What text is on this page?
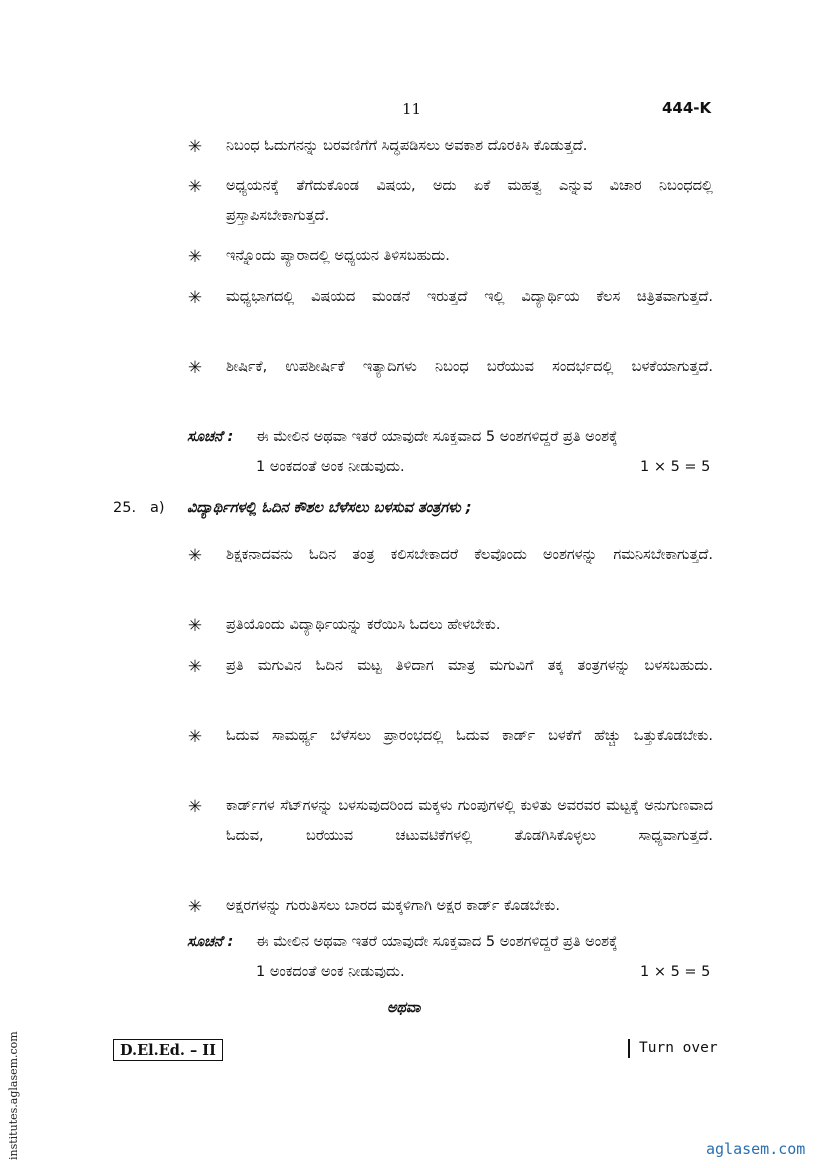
11	444-K
✳ ನಿಬಂಧ ಓದುಗನನ್ನು ಬರವಣಿಗೆಗೆ ಸಿದ್ಧಪಡಿಸಲು ಅವಕಾಶ ದೊರಕಿಸಿ ಕೊಡುತ್ತದೆ.
✳ ಅಧ್ಯಯನಕ್ಕೆ ತೆಗೆದುಕೊಂಡ ವಿಷಯ, ಅದು ಏಕೆ ಮಹತ್ವ ಎನ್ನುವ ವಿಚಾರ ನಿಬಂಧದಲ್ಲಿ ಪ್ರಸ್ತಾಪಿಸಬೇಕಾಗುತ್ತದೆ.
✳ ಇನ್ನೊಂದು ಪ್ಯಾರಾದಲ್ಲಿ ಅಧ್ಯಯನ ತಿಳಿಸಬಹುದು.
✳ ಮಧ್ಯಭಾಗದಲ್ಲಿ ವಿಷಯದ ಮಂಡನೆ ಇರುತ್ತದೆ ಇಲ್ಲಿ ವಿದ್ಯಾರ್ಥಿಯ ಕೆಲಸ ಚಿತ್ರಿತವಾಗುತ್ತದೆ.
✳ ಶೀರ್ಷಿಕೆ, ಉಪಶೀರ್ಷಿಕೆ ಇತ್ಯಾದಿಗಳು ನಿಬಂಧ ಬರೆಯುವ ಸಂದರ್ಭದಲ್ಲಿ ಬಳಕೆಯಾಗುತ್ತದೆ.
ಸೂಚನೆ : ಈ ಮೇಲಿನ ಅಥವಾ ಇತರೆ ಯಾವುದೇ ಸೂಕ್ತವಾದ 5 ಅಂಶಗಳಿದ್ದರೆ ಪ್ರತಿ ಅಂಶಕ್ಕೆ
1 ಅಂಕದಂತೆ ಅಂಕ ನೀಡುವುದು.	1 × 5 = 5
25. a) ವಿದ್ಯಾರ್ಥಿಗಳಲ್ಲಿ ಓದಿನ ಕೌಶಲ ಬೆಳೆಸಲು ಬಳಸುವ ತಂತ್ರಗಳು ;
✳ ಶಿಕ್ಷಕನಾದವನು ಓದಿನ ತಂತ್ರ ಕಲಿಸಬೇಕಾದರೆ ಕೆಲವೊಂದು ಅಂಶಗಳನ್ನು ಗಮನಿಸಬೇಕಾಗುತ್ತದೆ.
✳ ಪ್ರತಿಯೊಂದು ವಿದ್ಯಾರ್ಥಿಯನ್ನು ಕರೆಯಿಸಿ ಓದಲು ಹೇಳಬೇಕು.
✳ ಪ್ರತಿ ಮಗುವಿನ ಓದಿನ ಮಟ್ಟ ತಿಳಿದಾಗ ಮಾತ್ರ ಮಗುವಿಗೆ ತಕ್ಕ ತಂತ್ರಗಳನ್ನು ಬಳಸಬಹುದು.
✳ ಓದುವ ಸಾಮರ್ಥ್ಯ ಬೆಳೆಸಲು ಪ್ರಾರಂಭದಲ್ಲಿ ಓದುವ ಕಾರ್ಡ್ ಬಳಕೆಗೆ ಹೆಚ್ಚು ಒತ್ತುಕೊಡಬೇಕು.
✳ ಕಾರ್ಡ್‌ಗಳ ಸೆಟ್‌ಗಳನ್ನು ಬಳಸುವುದರಿಂದ ಮಕ್ಕಳು ಗುಂಪುಗಳಲ್ಲಿ ಕುಳಿತು ಅವರವರ ಮಟ್ಟಕ್ಕೆ ಅನುಗುಣವಾದ ಓದುವ, ಬರೆಯುವ ಚಟುವಟಿಕೆಗಳಲ್ಲಿ ತೊಡಗಿಸಿಕೊಳ್ಳಲು ಸಾಧ್ಯವಾಗುತ್ತದೆ.
✳ ಅಕ್ಷರಗಳನ್ನು ಗುರುತಿಸಲು ಬಾರದ ಮಕ್ಕಳಿಗಾಗಿ ಅಕ್ಷರ ಕಾರ್ಡ್ ಕೊಡಬೇಕು.
ಸೂಚನೆ : ಈ ಮೇಲಿನ ಅಥವಾ ಇತರೆ ಯಾವುದೇ ಸೂಕ್ತವಾದ 5 ಅಂಶಗಳಿದ್ದರೆ ಪ್ರತಿ ಅಂಶಕ್ಕೆ
1 ಅಂಕದಂತೆ ಅಂಕ ನೀಡುವುದು.	1 × 5 = 5
ಅಥವಾ
D.El.Ed. – II	Turn over
institutes.aglasem.com	aglasem.com
